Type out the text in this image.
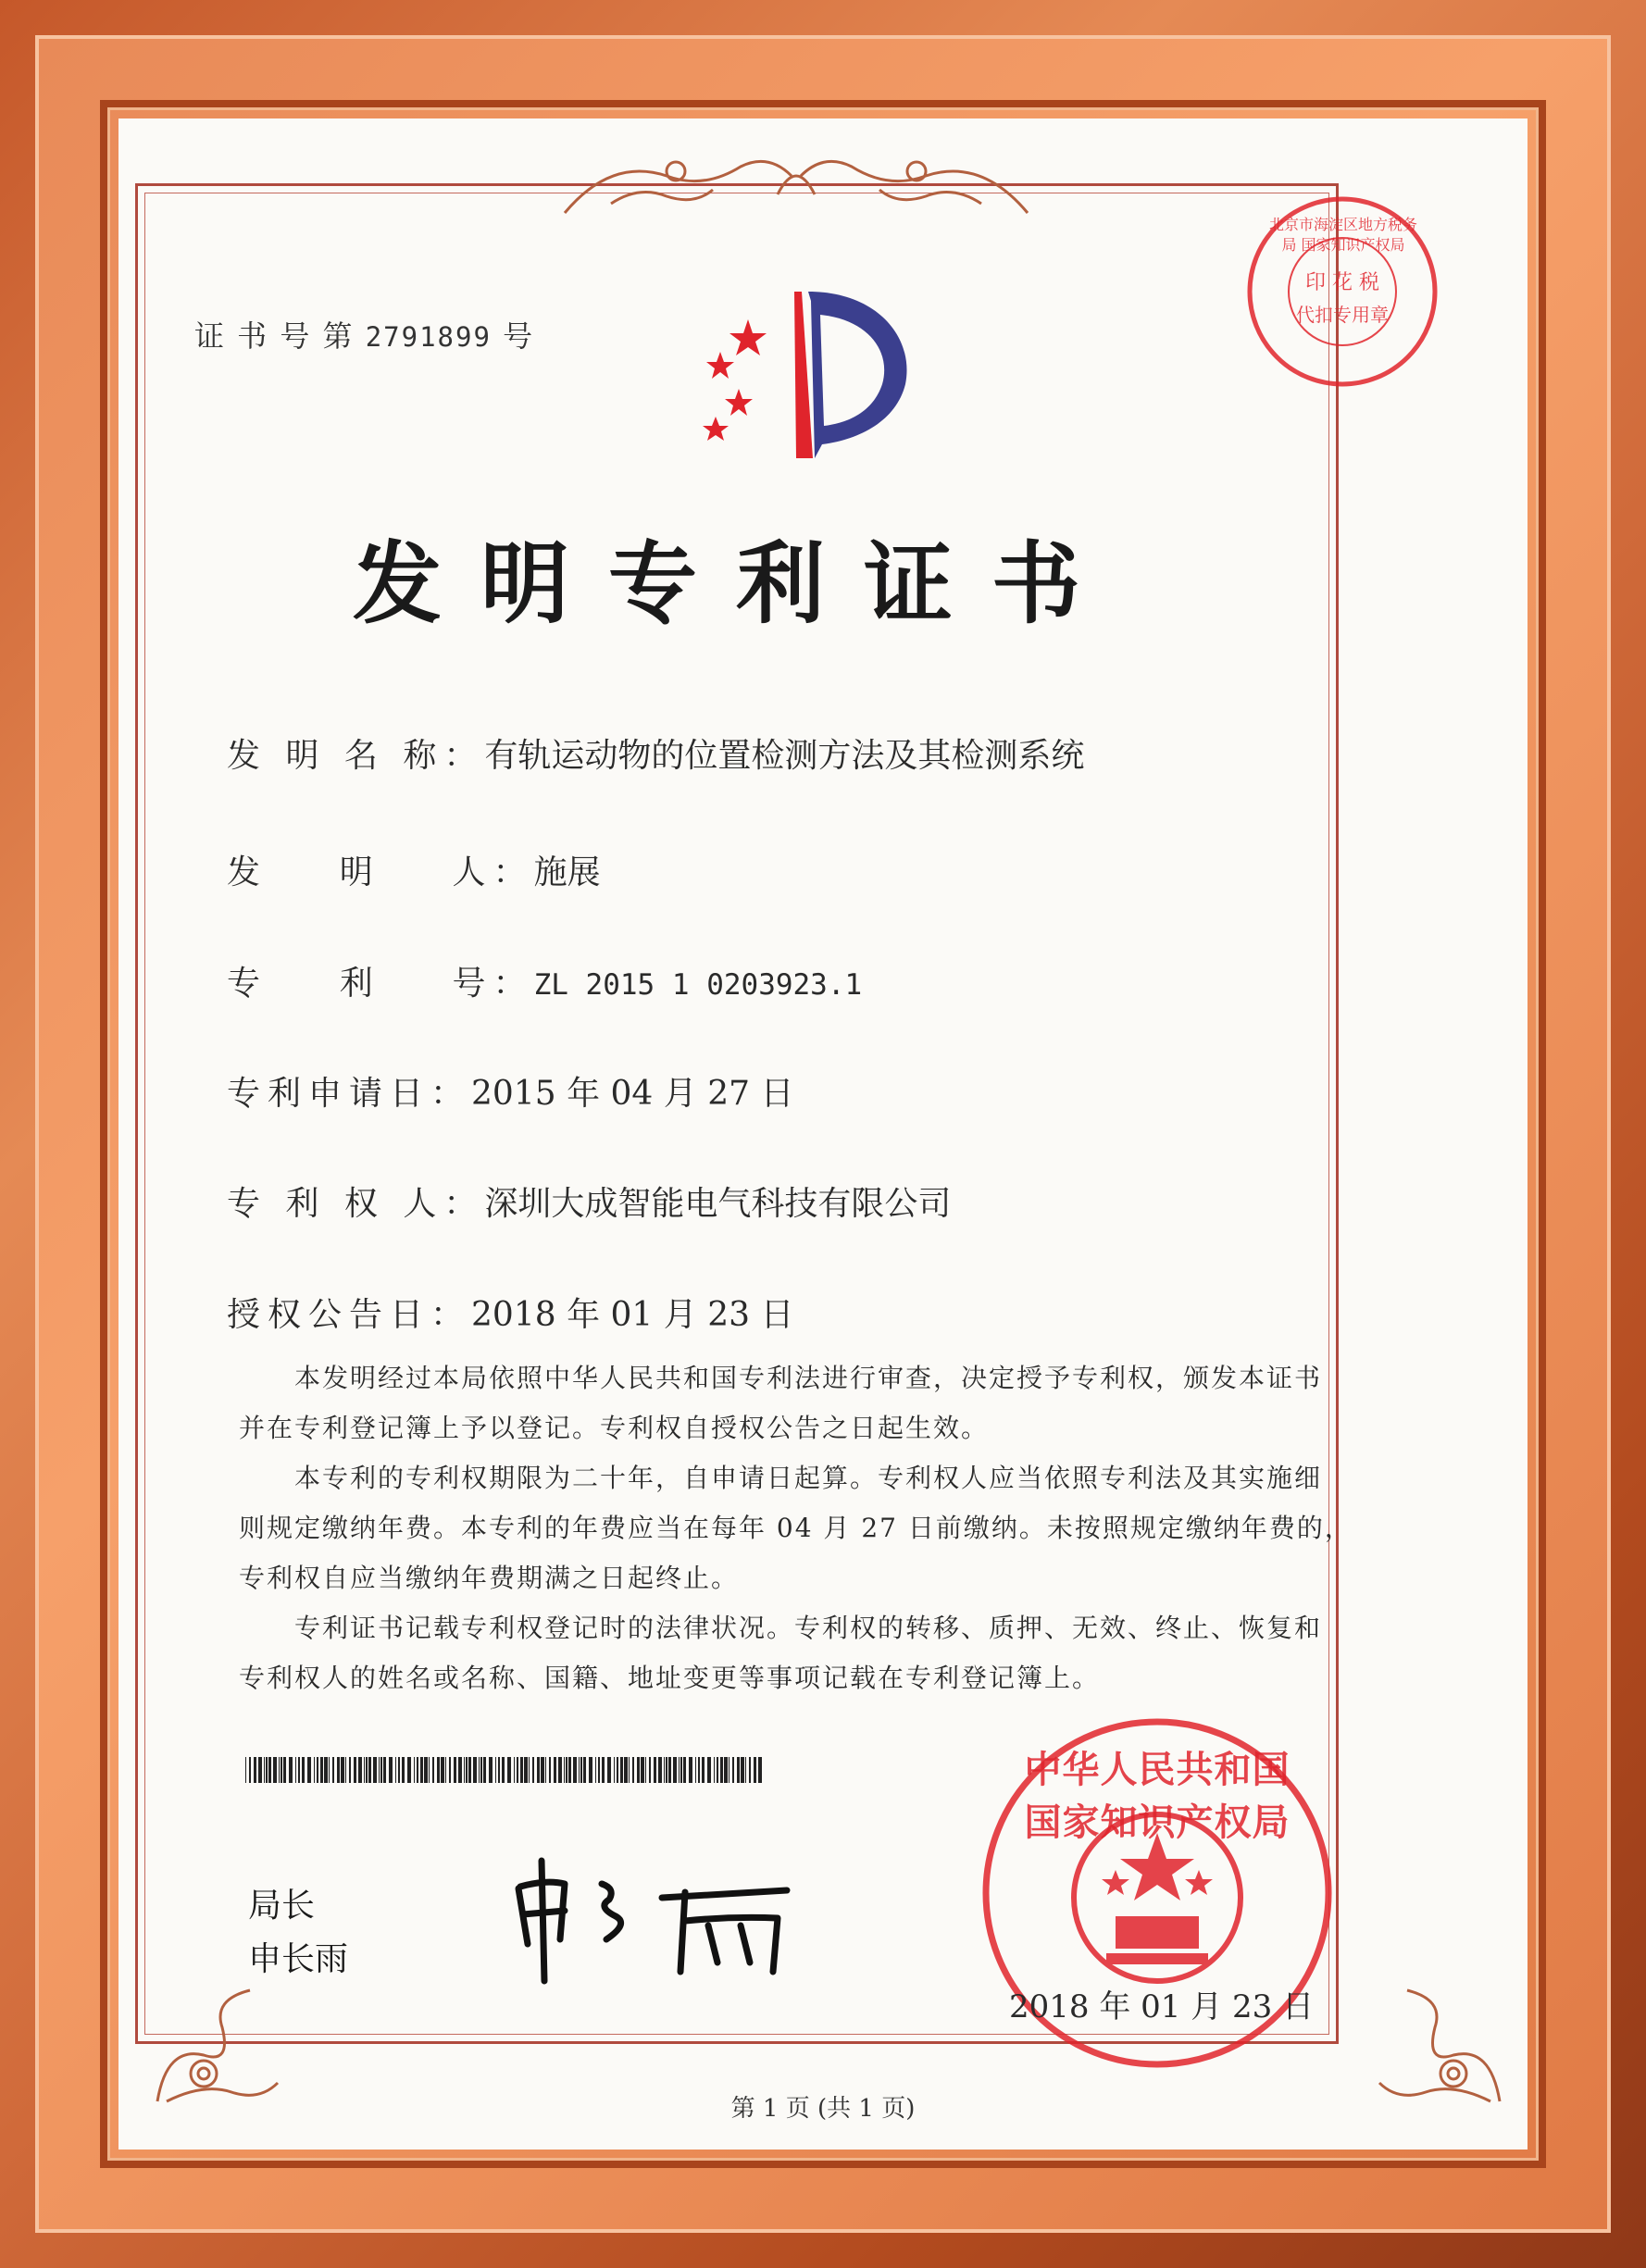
证 书 号 第 2791899 号
发明专利证书
发 明 名 称：有轨运动物的位置检测方法及其检测系统
发    明    人：施展
专    利    号：ZL 2015 1 0203923.1
专利申请日：2015 年 04 月 27 日
专 利 权 人：深圳大成智能电气科技有限公司
授权公告日：2018 年 01 月 23 日

本发明经过本局依照中华人民共和国专利法进行审查，决定授予专利权，颁发本证书

并在专利登记簿上予以登记。专利权自授权公告之日起生效。

本专利的专利权期限为二十年，自申请日起算。专利权人应当依照专利法及其实施细

则规定缴纳年费。本专利的年费应当在每年 04 月 27 日前缴纳。未按照规定缴纳年费的，

专利权自应当缴纳年费期满之日起终止。

专利证书记载专利权登记时的法律状况。专利权的转移、质押、无效、终止、恢复和

专利权人的姓名或名称、国籍、地址变更等事项记载在专利登记簿上。

局长
申长雨
中华人民共和国国家知识产权局
北京市海淀区地方税务局 国家知识产权局
印 花 税
代扣专用章
2018 年 01 月 23 日
第 1 页 (共 1 页)
